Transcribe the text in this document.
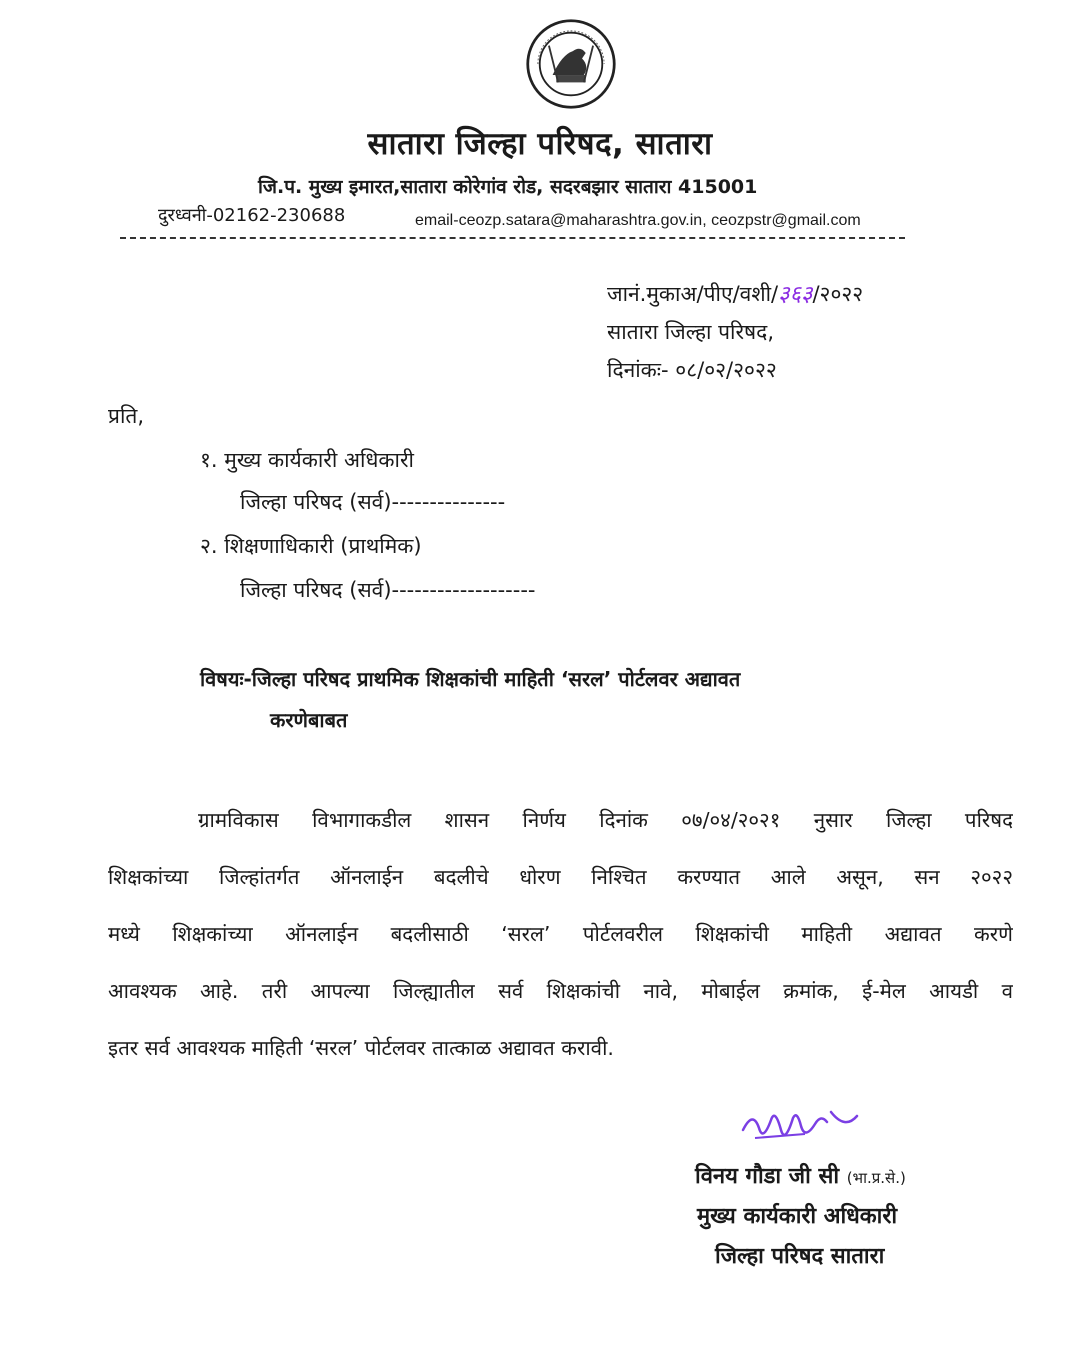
सातारा जिल्हा परिषद, सातारा
जि.प. मुख्य इमारत,सातारा कोरेगांव रोड, सदरबझार सातारा 415001
दुरध्वनी-02162-230688	email-ceozp.satara@maharashtra.gov.in, ceozpstr@gmail.com
जानं.मुकाअ/पीए/वशी/३६३/२०२२
सातारा जिल्हा परिषद,
दिनांकः- ०८/०२/२०२२
प्रति,
१. मुख्य कार्यकारी अधिकारी
जिल्हा परिषद (सर्व)---------------
२. शिक्षणाधिकारी (प्राथमिक)
जिल्हा परिषद (सर्व)-------------------
विषयः-जिल्हा परिषद प्राथमिक शिक्षकांची माहिती ‘सरल’ पोर्टलवर अद्यावत
करणेबाबत
ग्रामविकास विभागाकडील शासन निर्णय दिनांक ०७/०४/२०२१ नुसार जिल्हा परिषद
शिक्षकांच्या जिल्हांतर्गत ऑनलाईन बदलीचे धोरण निश्चित करण्यात आले असून, सन २०२२
मध्ये शिक्षकांच्या ऑनलाईन बदलीसाठी ‘सरल’ पोर्टलवरील शिक्षकांची माहिती अद्यावत करणे
आवश्यक आहे. तरी आपल्या जिल्ह्यातील सर्व शिक्षकांची नावे, मोबाईल क्रमांक, ई-मेल आयडी व
इतर सर्व आवश्यक माहिती ‘सरल’ पोर्टलवर तात्काळ अद्यावत करावी.
विनय गौडा जी सी (भा.प्र.से.)
मुख्य कार्यकारी अधिकारी
जिल्हा परिषद सातारा
